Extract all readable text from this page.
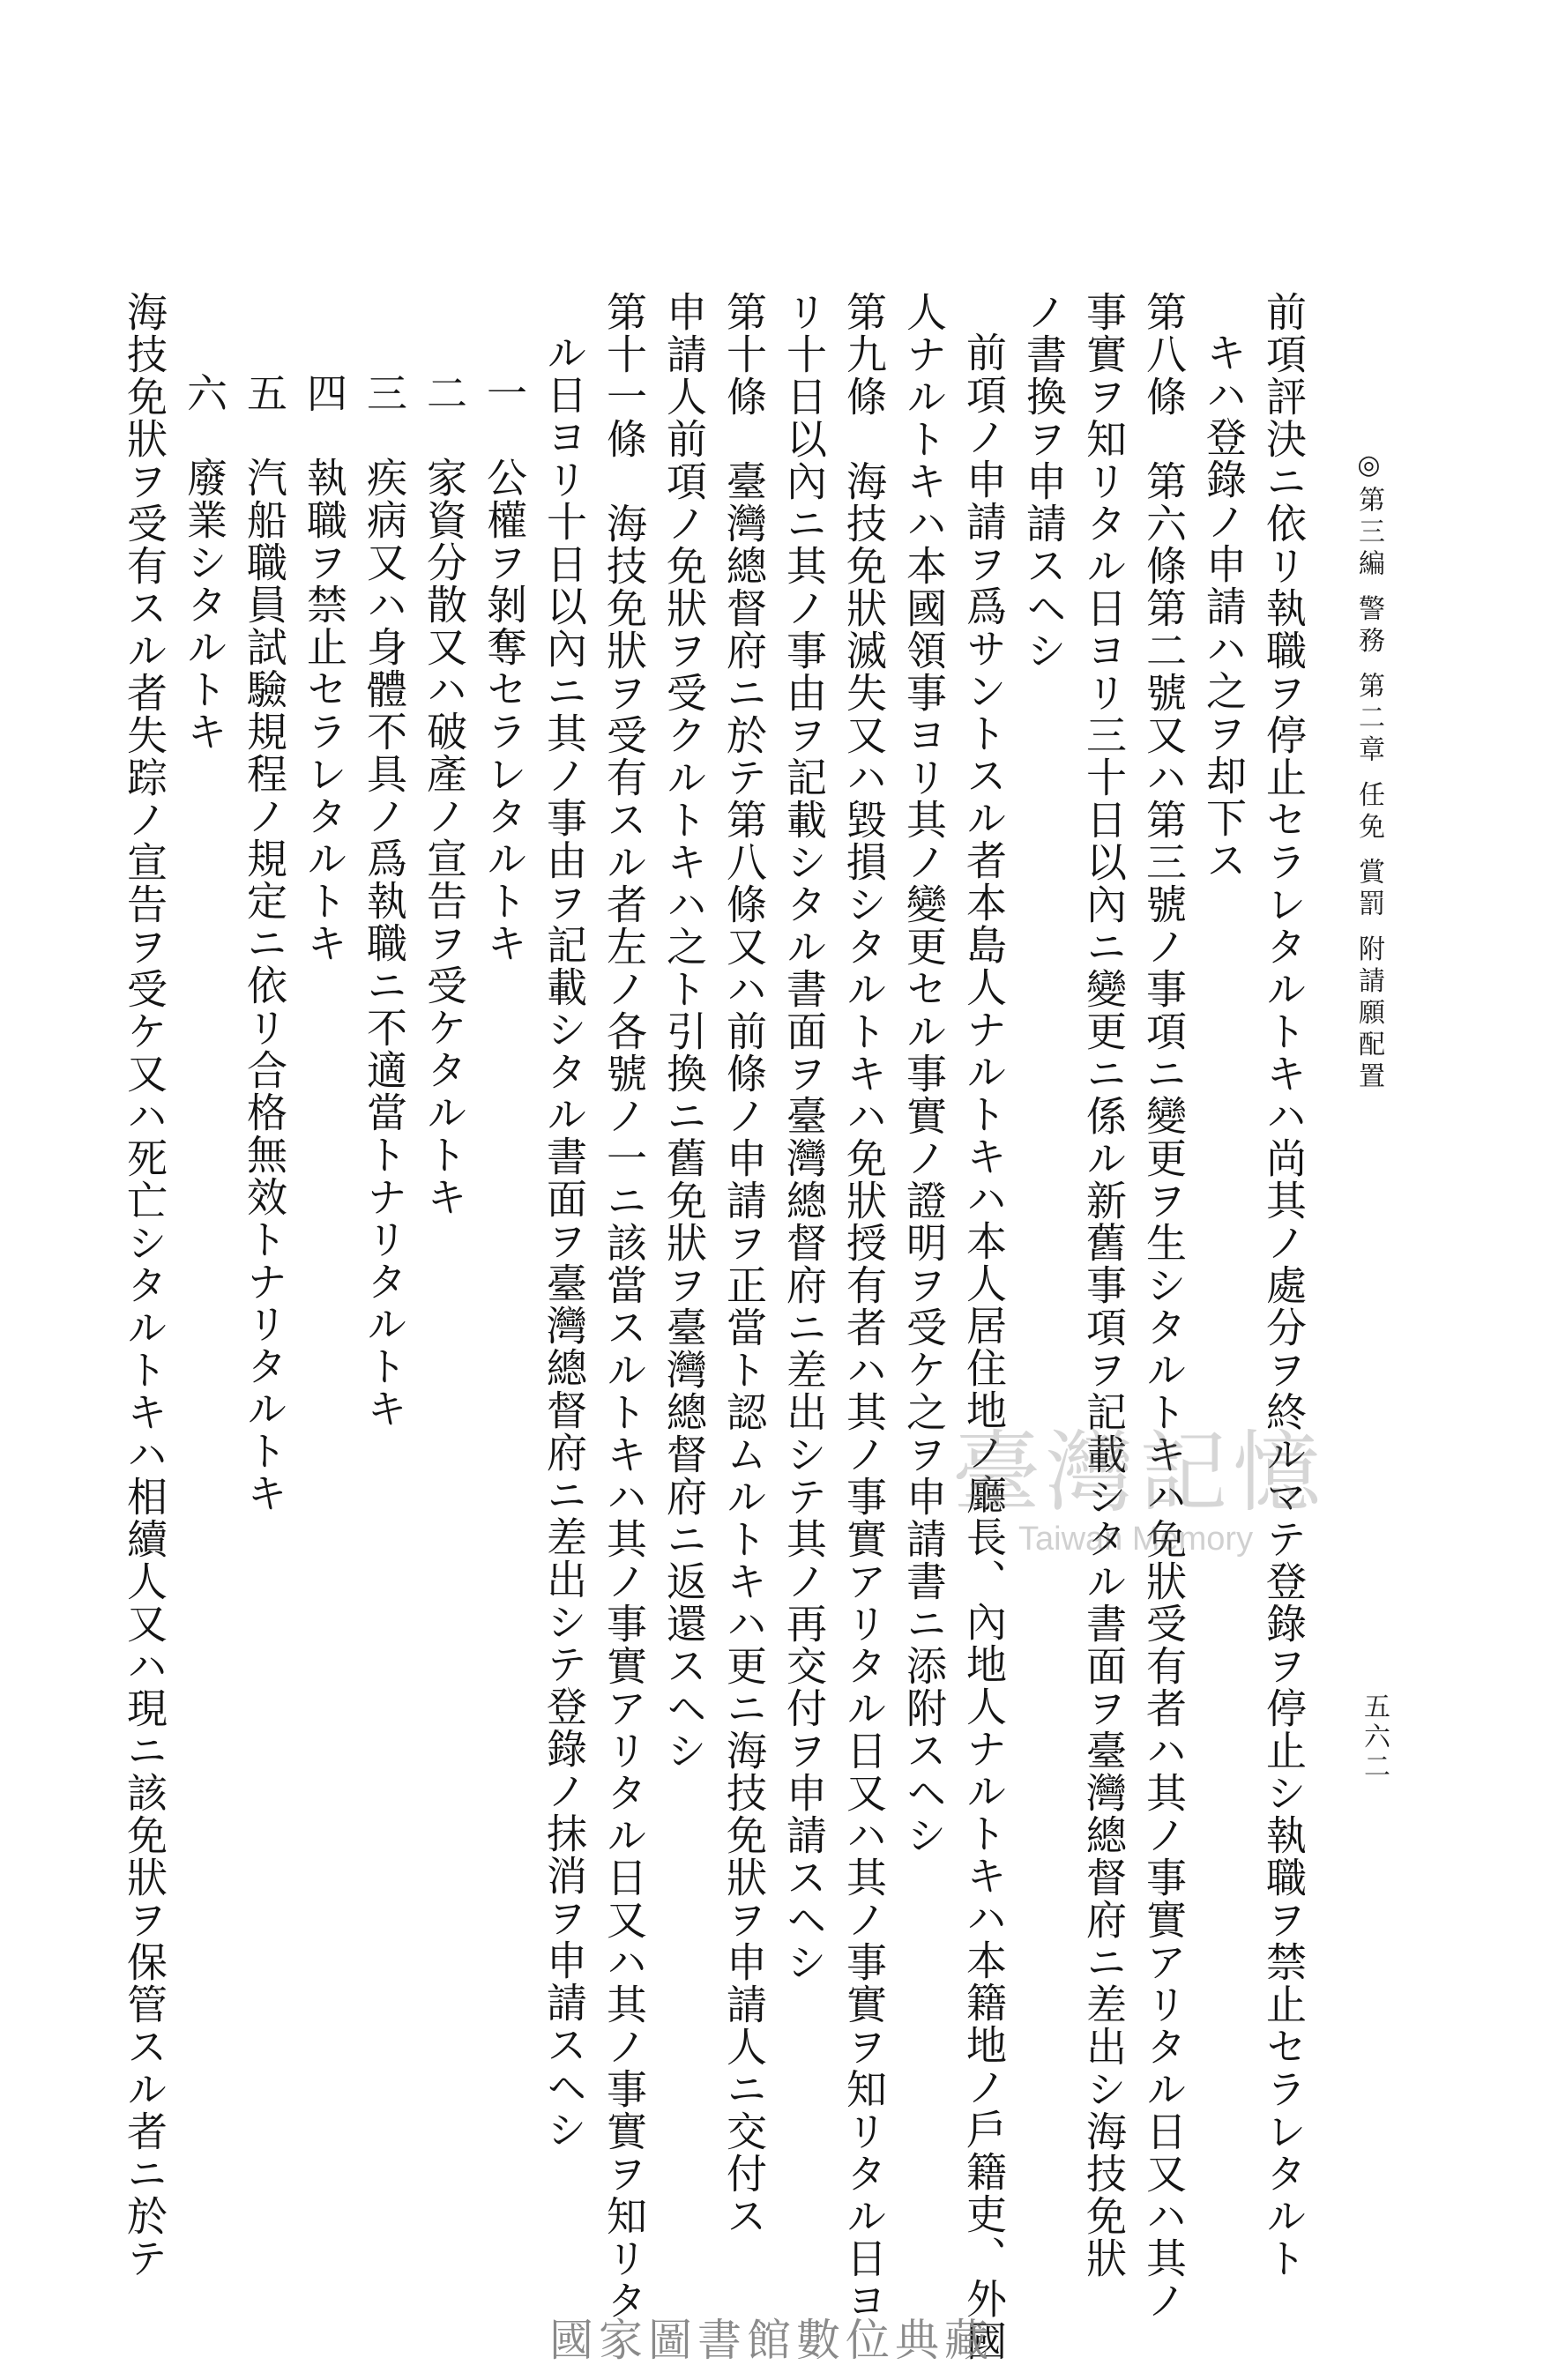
◎第三編 警務 第二章 任免 賞罰 附請願配置
五六二

前項評決ニ依リ執職ヲ停止セラレタルトキハ尚其ノ處分ヲ終ルマテ登錄ヲ停止シ執職ヲ禁止セラレタルト

キハ登錄ノ申請ハ之ヲ却下ス

第八條　第六條第二號又ハ第三號ノ事項ニ變更ヲ生シタルトキハ免狀受有者ハ其ノ事實アリタル日又ハ其ノ

事實ヲ知リタル日ヨリ三十日以內ニ變更ニ係ル新舊事項ヲ記載シタル書面ヲ臺灣總督府ニ差出シ海技免狀

ノ書換ヲ申請スヘシ

前項ノ申請ヲ爲サントスル者本島人ナルトキハ本人居住地ノ廳長、內地人ナルトキハ本籍地ノ戶籍吏、外國

人ナルトキハ本國領事ヨリ其ノ變更セル事實ノ證明ヲ受ケ之ヲ申請書ニ添附スヘシ

第九條　海技免狀滅失又ハ毀損シタルトキハ免狀授有者ハ其ノ事實アリタル日又ハ其ノ事實ヲ知リタル日ヨ

リ十日以內ニ其ノ事由ヲ記載シタル書面ヲ臺灣總督府ニ差出シテ其ノ再交付ヲ申請スヘシ

第十條　臺灣總督府ニ於テ第八條又ハ前條ノ申請ヲ正當ト認ムルトキハ更ニ海技免狀ヲ申請人ニ交付ス

申請人前項ノ免狀ヲ受クルトキハ之ト引換ニ舊免狀ヲ臺灣總督府ニ返還スヘシ

第十一條　海技免狀ヲ受有スル者左ノ各號ノ一ニ該當スルトキハ其ノ事實アリタル日又ハ其ノ事實ヲ知リタ

ル日ヨリ十日以內ニ其ノ事由ヲ記載シタル書面ヲ臺灣總督府ニ差出シテ登錄ノ抹消ヲ申請スヘシ

一　公權ヲ剝奪セラレタルトキ

二　家資分散又ハ破產ノ宣告ヲ受ケタルトキ

三　疾病又ハ身體不具ノ爲執職ニ不適當トナリタルトキ

四　執職ヲ禁止セラレタルトキ

五　汽船職員試驗規程ノ規定ニ依リ合格無效トナリタルトキ

六　廢業シタルトキ

海技免狀ヲ受有スル者失踪ノ宣告ヲ受ケ又ハ死亡シタルトキハ相續人又ハ現ニ該免狀ヲ保管スル者ニ於テ	臺灣記憶
Taiwan Memory
國家圖書館數位典藏
